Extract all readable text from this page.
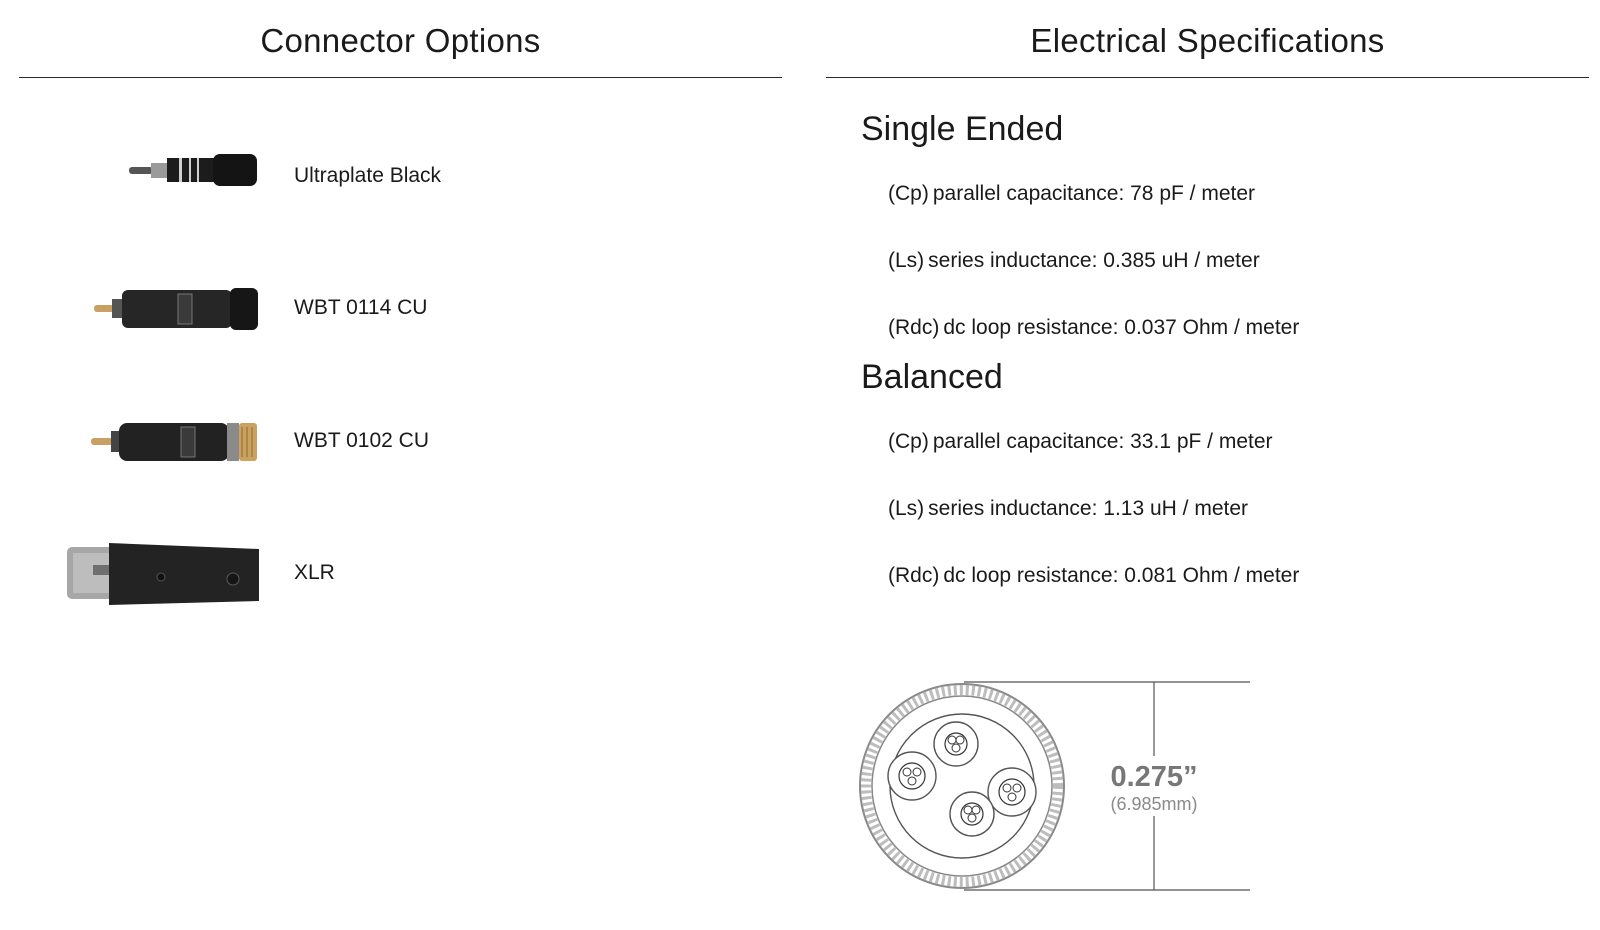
Connector Options
Ultraplate Black
WBT 0114 CU
WBT 0102 CU
XLR
Electrical Specifications
Single Ended
(Cp) parallel capacitance: 78 pF / meter
(Ls) series inductance: 0.385 uH / meter
(Rdc) dc loop resistance: 0.037 Ohm / meter
Balanced
(Cp) parallel capacitance: 33.1 pF / meter
(Ls) series inductance: 1.13 uH / meter
(Rdc) dc loop resistance: 0.081 Ohm / meter
0.275”
(6.985mm)
